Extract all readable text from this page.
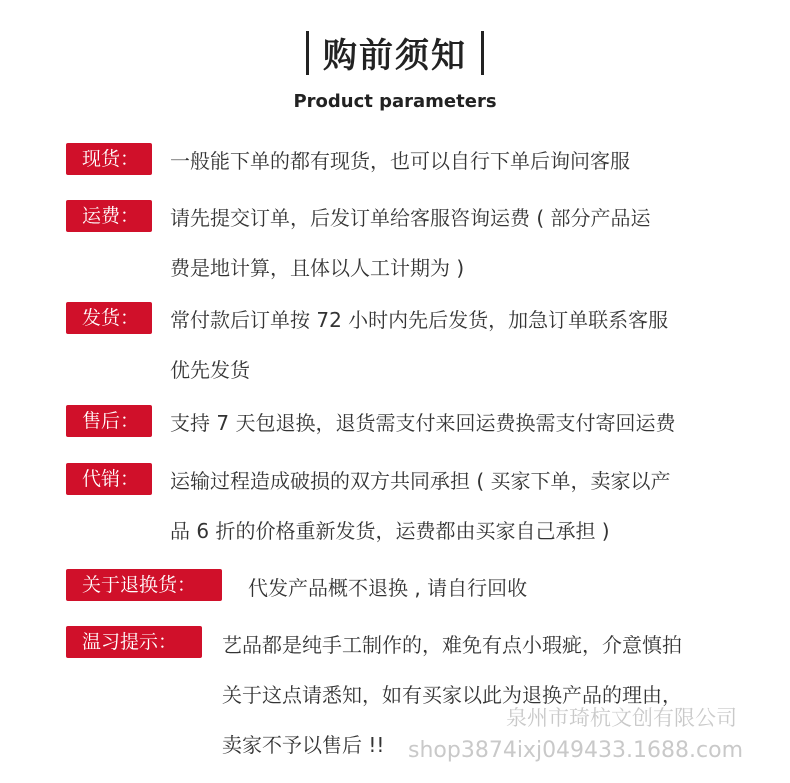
购前须知
Product parameters
现货：	一般能下单的都有现货，也可以自行下单后询问客服
运费：	请先提交订单，后发订单给客服咨询运费 ( 部分产品运
费是地计算，且体以人工计期为 )
发货：	常付款后订单按 72 小时内先后发货，加急订单联系客服
优先发货
售后：	支持 7 天包退换，退货需支付来回运费换需支付寄回运费
代销：	运输过程造成破损的双方共同承担 ( 买家下单，卖家以产
品 6 折的价格重新发货，运费都由买家自己承担 )
关于退换货：	代发产品概不退换 , 请自行回收
温习提示：	艺品都是纯手工制作的，难免有点小瑕疵，介意慎拍
关于这点请悉知，如有买家以此为退换产品的理由，
卖家不予以售后 !!
泉州市琦杭文创有限公司
shop3874ixj049433.1688.com
